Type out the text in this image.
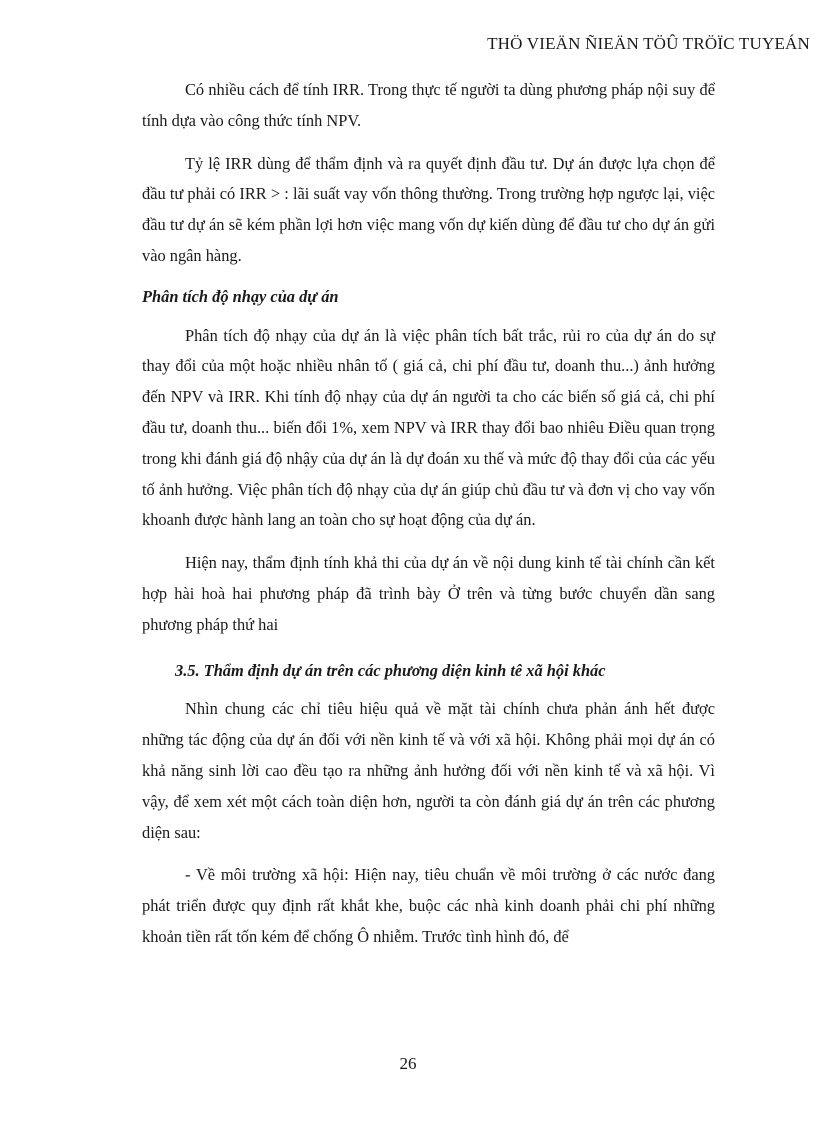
THÖ VIEÄN ÑIEÄN TÖÛ TRÖÏC TUYEÁN

Có nhiều cách để tính IRR. Trong thực tế người ta dùng phương pháp nội suy để tính dựa vào công thức tính NPV.

Tỷ lệ IRR dùng để thẩm định và ra quyết định đầu tư. Dự án được lựa chọn để đầu tư phải có IRR > : lãi suất vay vốn thông thường. Trong trường hợp ngược lại, việc đầu tư dự án sẽ kém phần lợi hơn việc mang vốn dự kiến dùng để đầu tư cho dự án gửi vào ngân hàng.

Phân tích độ nhạy của dự án

Phân tích độ nhạy của dự án là việc phân tích bất trắc, rủi ro của dự án do sự thay đổi của một hoặc nhiều nhân tố ( giá cả, chi phí đầu tư, doanh thu...) ảnh hưởng đến NPV và IRR. Khi tính độ nhạy của dự án người ta cho các biến số giá cả, chi phí đầu tư, doanh thu... biến đổi 1%, xem NPV và IRR thay đổi bao nhiêu Điều quan trọng trong khi đánh giá độ nhậy của dự án là dự đoán xu thế và mức độ thay đổi của các yếu tố ảnh hưởng. Việc phân tích độ nhạy của dự án giúp chủ đầu tư và đơn vị cho vay vốn khoanh được hành lang an toàn cho sự hoạt động của dự án.

Hiện nay, thẩm định tính khả thi của dự án về nội dung kinh tế tài chính cần kết hợp hài hoà hai phương pháp đã trình bày Ở trên và từng bước chuyển dần sang phương pháp thứ hai

3.5. Thẩm định dự án trên các phương diện kinh tê xã hội khác

Nhìn chung các chỉ tiêu hiệu quả về mặt tài chính chưa phản ánh hết được những tác động của dự án đối với nền kinh tế và với xã hội. Không phải mọi dự án có khả năng sinh lời cao đều tạo ra những ảnh hưởng đối với nền kinh tế và xã hội. Vì vậy, để xem xét một cách toàn diện hơn, người ta còn đánh giá dự án trên các phương diện sau:

- Về môi trường xã hội: Hiện nay, tiêu chuẩn về môi trường ở các nước đang phát triển được quy định rất khắt khe, buộc các nhà kinh doanh phải chi phí những khoản tiền rất tốn kém để chống Ô nhiễm. Trước tình hình đó, để

26
